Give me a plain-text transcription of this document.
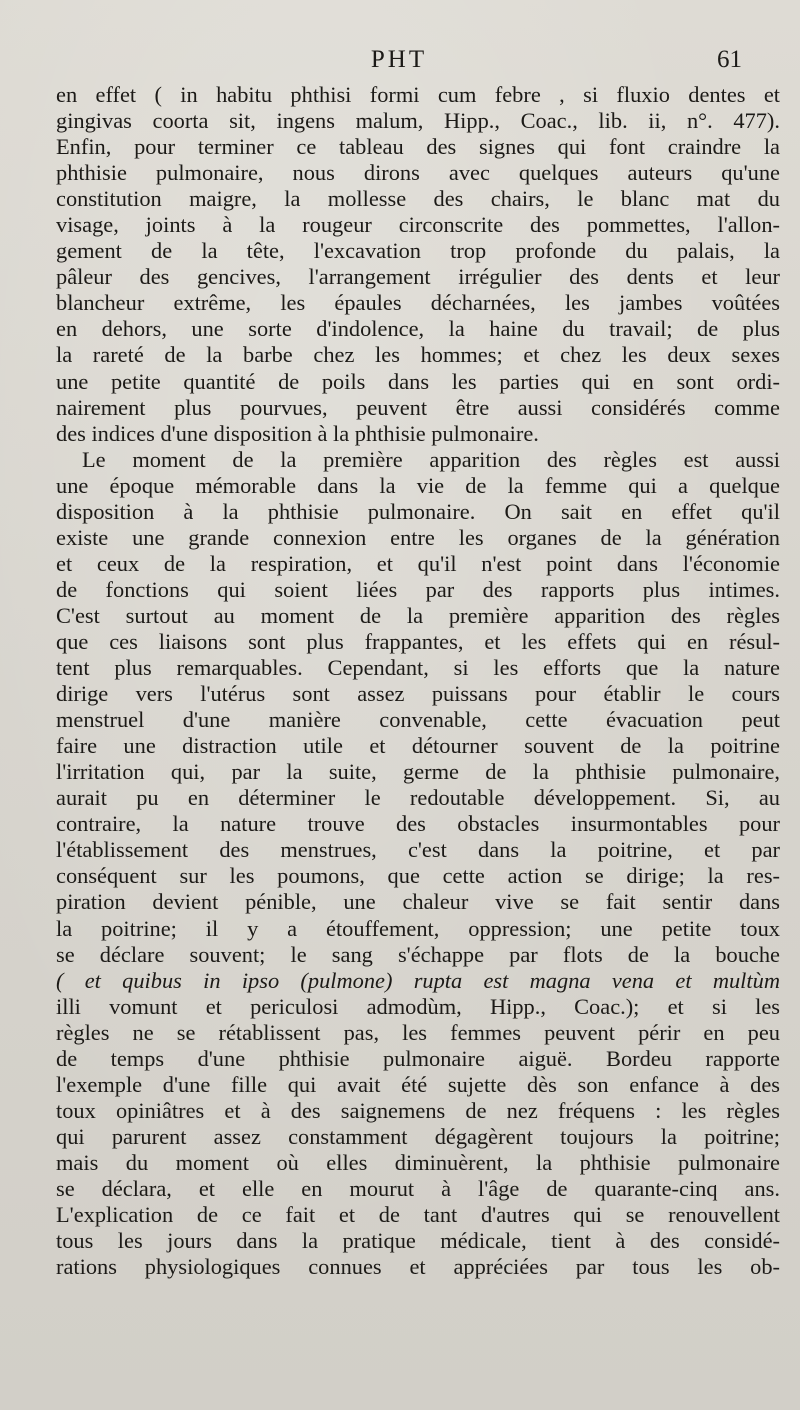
PHT	61
en effet ( in habitu phthisi formi cum febre , si fluxio dentes et
gingivas coorta sit, ingens malum, Hipp., Coac., lib. ii, n°. 477).
Enfin, pour terminer ce tableau des signes qui font craindre la
phthisie pulmonaire, nous dirons avec quelques auteurs qu'une
constitution maigre, la mollesse des chairs, le blanc mat du
visage, joints à la rougeur circonscrite des pommettes, l'allon-
gement de la tête, l'excavation trop profonde du palais, la
pâleur des gencives, l'arrangement irrégulier des dents et leur
blancheur extrême, les épaules décharnées, les jambes voûtées
en dehors, une sorte d'indolence, la haine du travail; de plus
la rareté de la barbe chez les hommes; et chez les deux sexes
une petite quantité de poils dans les parties qui en sont ordi-
nairement plus pourvues, peuvent être aussi considérés comme
des indices d'une disposition à la phthisie pulmonaire.
Le moment de la première apparition des règles est aussi
une époque mémorable dans la vie de la femme qui a quelque
disposition à la phthisie pulmonaire. On sait en effet qu'il
existe une grande connexion entre les organes de la génération
et ceux de la respiration, et qu'il n'est point dans l'économie
de fonctions qui soient liées par des rapports plus intimes.
C'est surtout au moment de la première apparition des règles
que ces liaisons sont plus frappantes, et les effets qui en résul-
tent plus remarquables. Cependant, si les efforts que la nature
dirige vers l'utérus sont assez puissans pour établir le cours
menstruel d'une manière convenable, cette évacuation peut
faire une distraction utile et détourner souvent de la poitrine
l'irritation qui, par la suite, germe de la phthisie pulmonaire,
aurait pu en déterminer le redoutable développement. Si, au
contraire, la nature trouve des obstacles insurmontables pour
l'établissement des menstrues, c'est dans la poitrine, et par
conséquent sur les poumons, que cette action se dirige; la res-
piration devient pénible, une chaleur vive se fait sentir dans
la poitrine; il y a étouffement, oppression; une petite toux
se déclare souvent; le sang s'échappe par flots de la bouche
( et quibus in ipso (pulmone) rupta est magna vena et multùm
illi vomunt et periculosi admodùm, Hipp., Coac.); et si les
règles ne se rétablissent pas, les femmes peuvent périr en peu
de temps d'une phthisie pulmonaire aiguë. Bordeu rapporte
l'exemple d'une fille qui avait été sujette dès son enfance à des
toux opiniâtres et à des saignemens de nez fréquens : les règles
qui parurent assez constamment dégagèrent toujours la poitrine;
mais du moment où elles diminuèrent, la phthisie pulmonaire
se déclara, et elle en mourut à l'âge de quarante-cinq ans.
L'explication de ce fait et de tant d'autres qui se renouvellent
tous les jours dans la pratique médicale, tient à des considé-
rations physiologiques connues et appréciées par tous les ob-
